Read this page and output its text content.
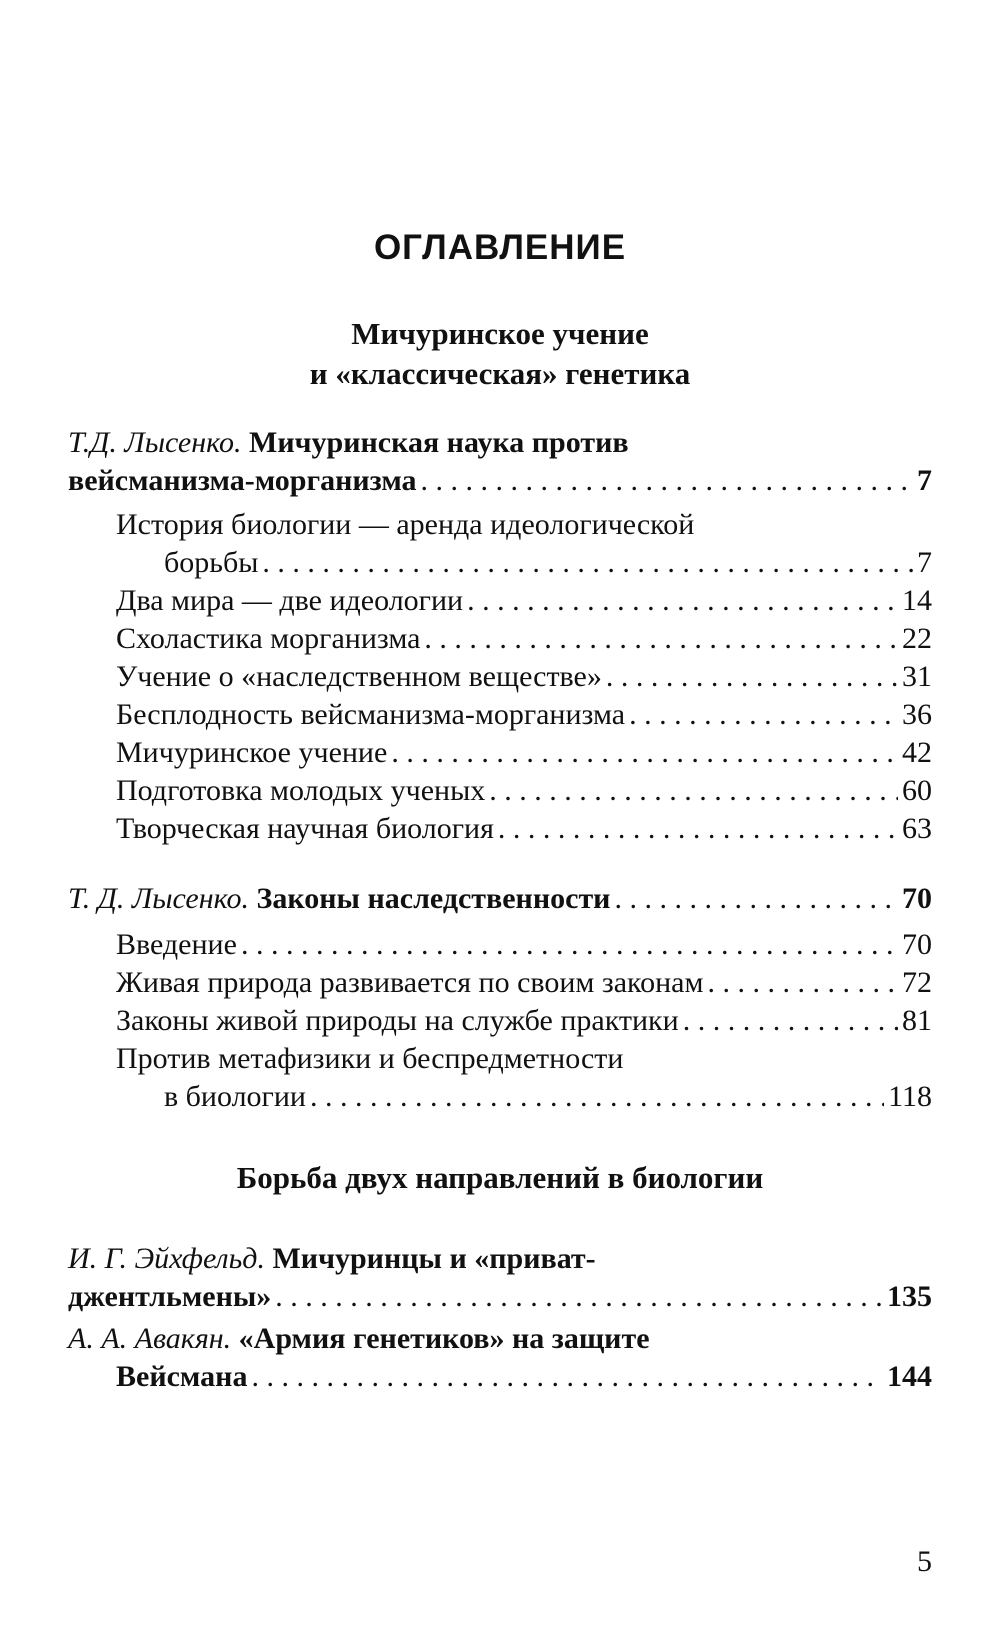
ОГЛАВЛЕНИЕ
Мичуринское учение
и «классическая» генетика
Т.Д. Лысенко. Мичуринская наука против
вейсманизма-морганизма . . .	7
История биологии — аренда идеологической
борьбы . . .	7
Два мира — две идеологии . . .	14
Схоластика морганизма . . .	22
Учение о «наследственном веществе» . . .	31
Бесплодность вейсманизма-морганизма . . .	36
Мичуринское учение . . .	42
Подготовка молодых ученых . . .	60
Творческая научная биология . . .	63
Т. Д. Лысенко. Законы наследственности . . .	70
Введение . . .	70
Живая природа развивается по своим законам . . .	72
Законы живой природы на службе практики . . .	81
Против метафизики и беспредметности
в биологии . . .	118
Борьба двух направлений в биологии
И. Г. Эйхфельд. Мичуринцы и «приват-
джентльмены» . . .	135
А. А. Авакян. «Армия генетиков» на защите
Вейсмана . . .	144
5
